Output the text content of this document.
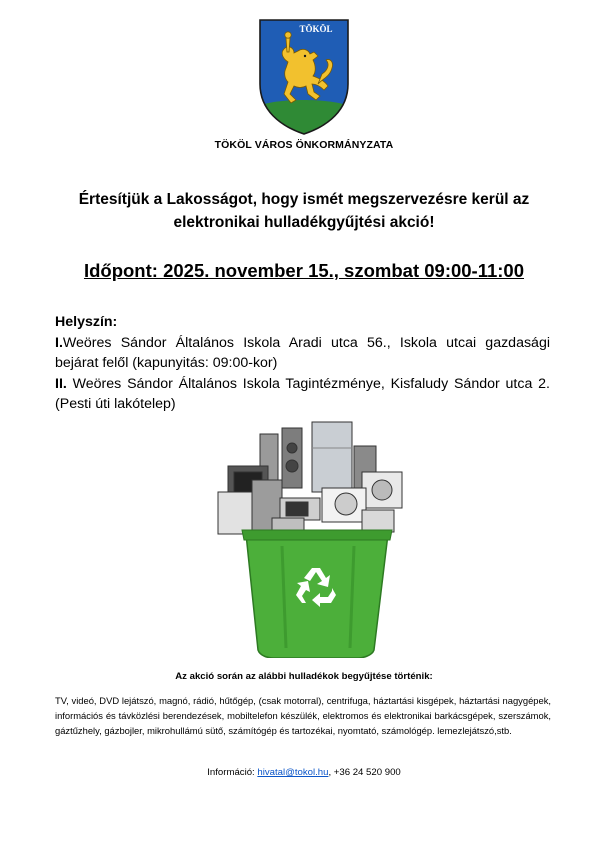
TÖKÖL
TÖKÖL VÁROS ÖNKORMÁNYZATA
Értesítjük a Lakosságot, hogy ismét megszervezésre kerül az elektronikai hulladékgyűjtési akció!
Időpont: 2025. november 15., szombat 09:00-11:00
Helyszín:
I.Weöres Sándor Általános Iskola Aradi utca 56., Iskola utcai gazdasági bejárat felől (kapunyitás: 09:00-kor)
II. Weöres Sándor Általános Iskola Tagintézménye, Kisfaludy Sándor utca 2. (Pesti úti lakótelep)
Az akció során az alábbi hulladékok begyűjtése történik:
TV, videó, DVD lejátszó, magnó, rádió, hűtőgép, (csak motorral), centrifuga, háztartási kisgépek, háztartási nagygépek, információs és távközlési berendezések, mobiltelefon készülék, elektromos és elektronikai barkácsgépek, szerszámok, gáztűzhely, gázbojler, mikrohullámú sütő, számítógép és tartozékai, nyomtató, számológép. lemezlejátszó,stb.
Információ: hivatal@tokol.hu, +36 24 520 900
